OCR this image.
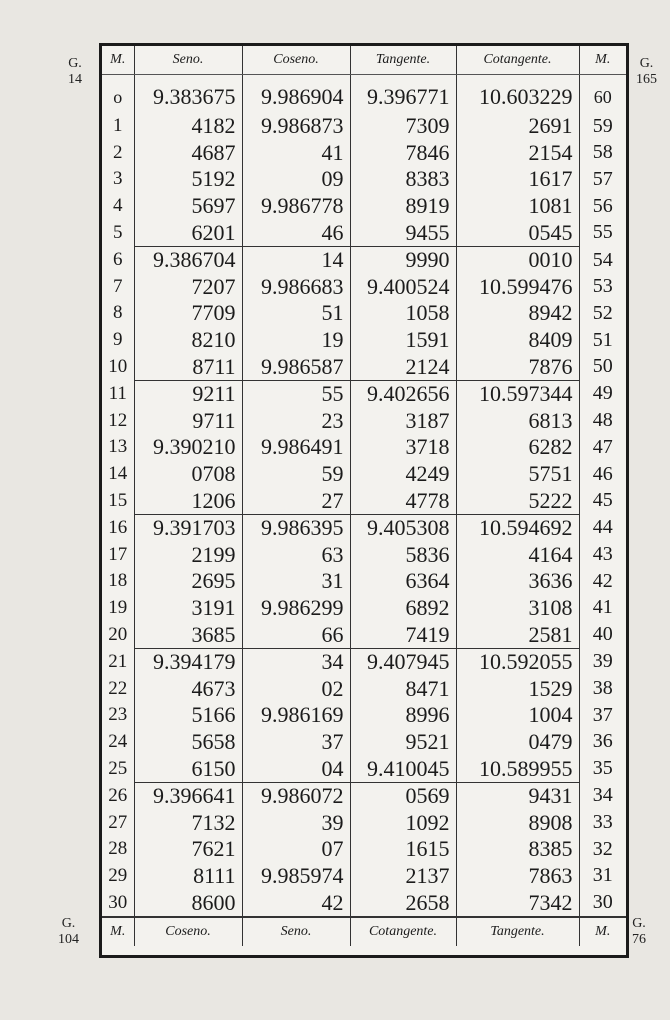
G.
14
G.
165
G.
104
G.
76
M.	Seno.	Coseno.	Tangente.	Cotangente.	M.
o	9.383675	9.986904	9.396771	10.603229	60
1	4182	9.986873	7309	2691	59
2	4687	41	7846	2154	58
3	5192	09	8383	1617	57
4	5697	9.986778	8919	1081	56
5	6201	46	9455	0545	55
6	9.386704	14	9990	0010	54
7	7207	9.986683	9.400524	10.599476	53
8	7709	51	1058	8942	52
9	8210	19	1591	8409	51
10	8711	9.986587	2124	7876	50
11	9211	55	9.402656	10.597344	49
12	9711	23	3187	6813	48
13	9.390210	9.986491	3718	6282	47
14	0708	59	4249	5751	46
15	1206	27	4778	5222	45
16	9.391703	9.986395	9.405308	10.594692	44
17	2199	63	5836	4164	43
18	2695	31	6364	3636	42
19	3191	9.986299	6892	3108	41
20	3685	66	7419	2581	40
21	9.394179	34	9.407945	10.592055	39
22	4673	02	8471	1529	38
23	5166	9.986169	8996	1004	37
24	5658	37	9521	0479	36
25	6150	04	9.410045	10.589955	35
26	9.396641	9.986072	0569	9431	34
27	7132	39	1092	8908	33
28	7621	07	1615	8385	32
29	8111	9.985974	2137	7863	31
30	8600	42	2658	7342	30
M.	Coseno.	Seno.	Cotangente.	Tangente.	M.
